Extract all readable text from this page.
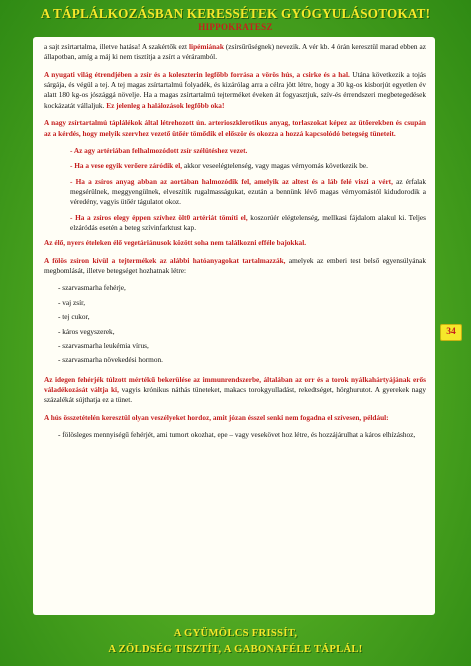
A TÁPLÁLKOZÁSBAN KERESSÉTEK GYÓGYULÁSOTOKAT!
HIPPOKRATESZ

a sajt zsírtartalma, illetve hatása! A szakértők ezt lipémiának (zsírsűrűségnek) nevezik. A vér kb. 4 órán keresztül marad ebben az állapotban, amíg a máj ki nem tisztítja a zsírt a véráramból.

A nyugati világ étrendjében a zsír és a koleszterin legfőbb forrása a vörös hús, a csirke és a hal. Utána következik a tojás sárgája, és végül a tej. A tej magas zsírtartalmú folyadék, és kizárólag arra a célra jött létre, hogy a 30 kg-os kisborjút egyetlen év alatt 180 kg-os jószággá növelje. Ha a magas zsírtartalmú tejterméket éveken át fogyasztjuk, szív-és érrendszeri megbetegedések kockázatát vállaljuk. Ez jelenleg a halálozások legfőbb oka!

A nagy zsírtartalmú táplálékok által létrehozott ún. arterioszklerotikus anyag, torlaszokat képez az ütőerekben és csupán az a kérdés, hogy melyik szervhez vezető ütőér tömődik el először és okozza a hozzá kapcsolódó betegség tüneteit.

- Az agy artériában felhalmozódott zsír szélütéshez vezet.

- Ha a vese egyik verőere záródik el, akkor veseelégtelenség, vagy magas vérnyomás következik be.

- Ha a zsíros anyag abban az aortában halmozódik fel, amelyik az altest és a láb felé viszi a vért, az érfalak megsérülnek, meggyengülnek, elveszítik rugalmasságukat, ezután a bennünk lévő magas vérnyomástól kidudorodik a véredény, vagyis ütőér tágulatot okoz.

- Ha a zsíros elegy éppen szívhez ölt0 artériát tömíti el, koszorúér elégtelenség, mellkasi fájdalom alakul ki. Teljes elzáródás esetén a beteg szívinfarktust kap.

Az élő, nyers ételeken élő vegetáriánusok között soha nem találkozni efféle bajokkal.

A fölös zsíron kívül a tejtermékek az alábbi hatóanyagokat tartalmazzák, amelyek az emberi test belső egyensúlyának megbomlását, illetve betegséget hozhatnak létre:

- szarvasmarha fehérje,

- vaj zsír,

- tej cukor,

- káros vegyszerek,

- szarvasmarha leukémia vírus,

- szarvasmarha növekedési hormon.

Az idegen fehérjék túlzott mértékű bekerülése az immunrendszerbe, általában az orr és a torok nyálkahártyájának erős váladékozását váltja ki, vagyis krónikus náthás tüneteket, makacs torokgyulladást, rekedtséget, hörghurutot. A gyerekek nagy százalékát sújthatja ez a tünet.

A hús összetételén keresztül olyan veszélyeket hordoz, amit józan ésszel senki nem fogadna el szívesen, például:

- fölösleges mennyiségű fehérjét, ami tumort okozhat, epe – vagy vesekövet hoz létre, és hozzájárulhat a káros elhízáshoz,

34
A GYÜMÖLCS FRISSÍT,
A ZÖLDSÉG TISZTÍT, A GABONAFÉLE TÁPLÁL!
